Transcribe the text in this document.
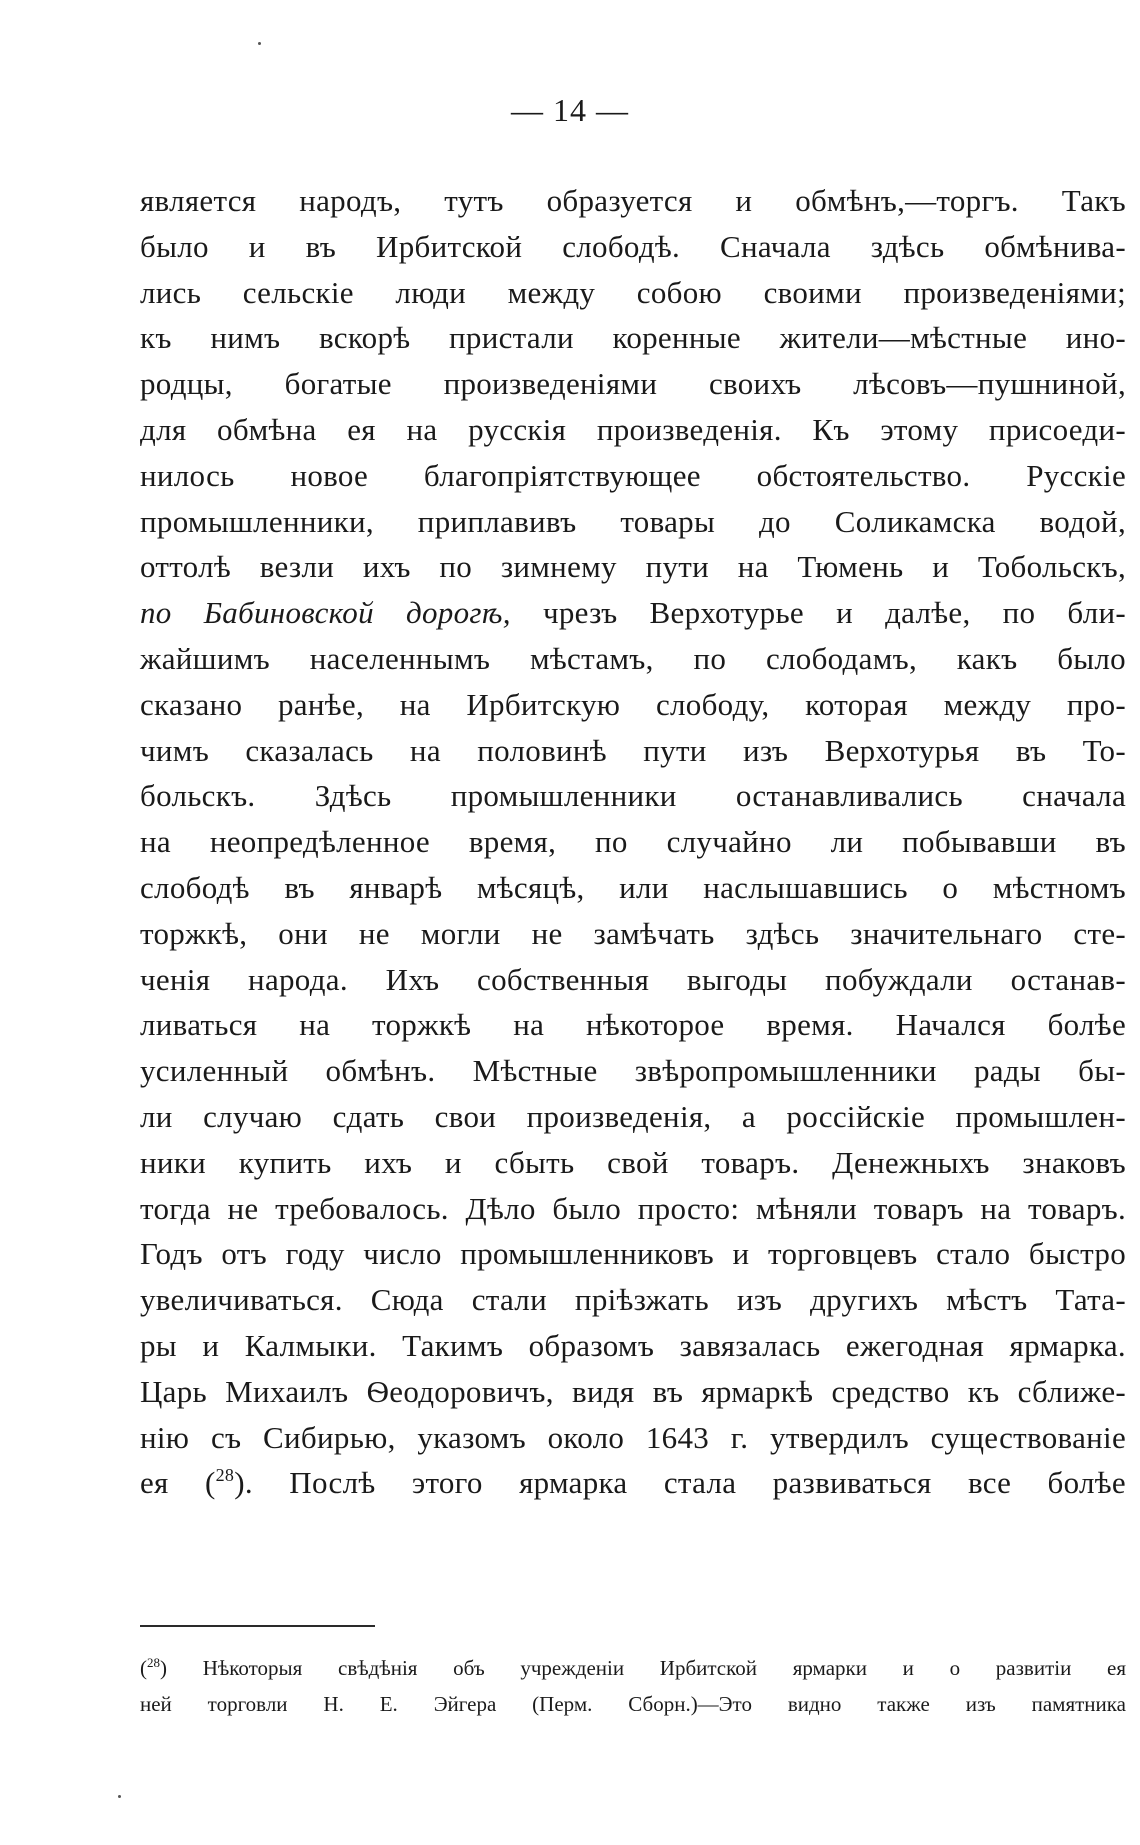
— 14 —
является народъ, тутъ образуется и обмѣнъ,—торгъ. Такъ
было и въ Ирбитской слободѣ. Сначала здѣсь обмѣнива-
лись сельскіе люди между собою своими произведеніями;
къ нимъ вскорѣ пристали коренные жители—мѣстные ино-
родцы, богатые произведеніями своихъ лѣсовъ—пушниной,
для обмѣна ея на русскія произведенія. Къ этому присоеди-
нилось новое благопріятствующее обстоятельство. Русскіе
промышленники, приплавивъ товары до Соликамска водой,
оттолѣ везли ихъ по зимнему пути на Тюмень и Тобольскъ,
по Бабиновской дорогѣ, чрезъ Верхотурье и далѣе, по бли-
жайшимъ населеннымъ мѣстамъ, по слободамъ, какъ было
сказано ранѣе, на Ирбитскую слободу, которая между про-
чимъ сказалась на половинѣ пути изъ Верхотурья въ То-
больскъ. Здѣсь промышленники останавливались сначала
на неопредѣленное время, по случайно ли побывавши въ
слободѣ въ январѣ мѣсяцѣ, или наслышавшись о мѣстномъ
торжкѣ, они не могли не замѣчать здѣсь значительнаго сте-
ченія народа. Ихъ собственныя выгоды побуждали останав-
ливаться на торжкѣ на нѣкоторое время. Начался болѣе
усиленный обмѣнъ. Мѣстные звѣропромышленники рады бы-
ли случаю сдать свои произведенія, а россійскіе промышлен-
ники купить ихъ и сбыть свой товаръ. Денежныхъ знаковъ
тогда не требовалось. Дѣло было просто: мѣняли товаръ на товаръ.
Годъ отъ году число промышленниковъ и торговцевъ стало быстро
увеличиваться. Сюда стали пріѣзжать изъ другихъ мѣстъ Тата-
ры и Калмыки. Такимъ образомъ завязалась ежегодная ярмарка.
Царь Михаилъ Ѳеодоровичъ, видя въ ярмаркѣ средство къ сближе-
нію съ Сибирью, указомъ около 1643 г. утвердилъ существованіе
ея ($^{28}$). Послѣ этого ярмарка стала развиваться все болѣе
($^{28}$) Нѣкоторыя свѣдѣнія объ учрежденіи Ирбитской ярмарки и о развитіи ея
ней торговли Н. Е. Эйгера (Перм. Сборн.)—Это видно также изъ памятника
